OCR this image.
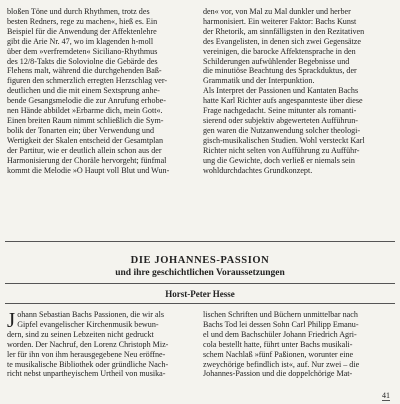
bloßen Töne und durch Rhythmen, trotz des
besten Redners, rege zu machen«, hieß es. Ein
Beispiel für die Anwendung der Affektenlehre
gibt die Arie Nr. 47, wo im klagenden h-moll
über dem »verfremdeten« Siciliano-Rhythmus
des 12/8-Takts die Soloviolne die Gebärde des
Flehens malt, während die durchgehenden Baß-
figuren den schmerzlich erregten Herzschlag ver-
deutlichen und die mit einem Sextsprung anhe-
bende Gesangsmelodie die zur Anrufung erhobe-
nen Hände abbildet »Erbarme dich, mein Gott«.
Einen breiten Raum nimmt schließlich die Sym-
bolik der Tonarten ein; über Verwendung und
Wertigkeit der Skalen entscheid der Gesamtplan
der Partitur, wie er deutlich allein schon aus der
Harmonisierung der Choräle hervorgeht; fünfmal
kommt die Melodie »O Haupt voll Blut und Wun-
den« vor, von Mal zu Mal dunkler und herber
harmonisiert. Ein weiterer Faktor: Bachs Kunst
der Rhetorik, am sinnfälligsten in den Rezitativen
des Evangelisten, in denen sich zwei Gegensätze
vereinigen, die barocke Affektensprache in den
Schilderungen aufwühlender Begebnisse und
die minutiöse Beachtung des Sprackduktus, der
Grammatik und der Interpunktion.
Als Interpret der Passionen und Kantaten Bachs
hatte Karl Richter aufs angespannteste über diese
Frage nachgedacht. Seine mitunter als romanti-
sierend oder subjektiv abgewerteten Aufführun-
gen waren die Nutzanwendung solcher theologi-
gisch-musikalischen Studien. Wohl versteckt Karl
Richter nicht selten von Aufführung zu Aufführ-
ung die Gewichte, doch verließ er niemals sein
wohldurchdachtes Grundkonzept.
DIE JOHANNES-PASSION
und ihre geschichtlichen Voraussetzungen
Horst-Peter Hesse
J ohann Sebastian Bachs Passionen, die wir als
Gipfel evangelischer Kirchenmusik bewun-
dern, sind zu seinen Lebzeiten nicht gedruckt
worden. Der Nachruf, den Lorenz Christoph Miz-
ler für ihn von ihm herausgegebene Neu eröffne-
te musikalische Bibliothek oder gründliche Nach-
richt nebst unpartheyischem Urtheil von musika-
lischen Schriften und Büchern unmittelbar nach
Bachs Tod lei dessen Sohn Carl Philipp Emanu-
el und dem Bachschüler Johann Friedrich Agri-
cola bestellt hatte, führt unter Bachs musikali-
schem Nachlaß »fünf Paßionen, worunter eine
zweychörige befindlich ist«, auf. Nur zwei – die
Johannes-Passion und die doppelchörige Mat-
41
